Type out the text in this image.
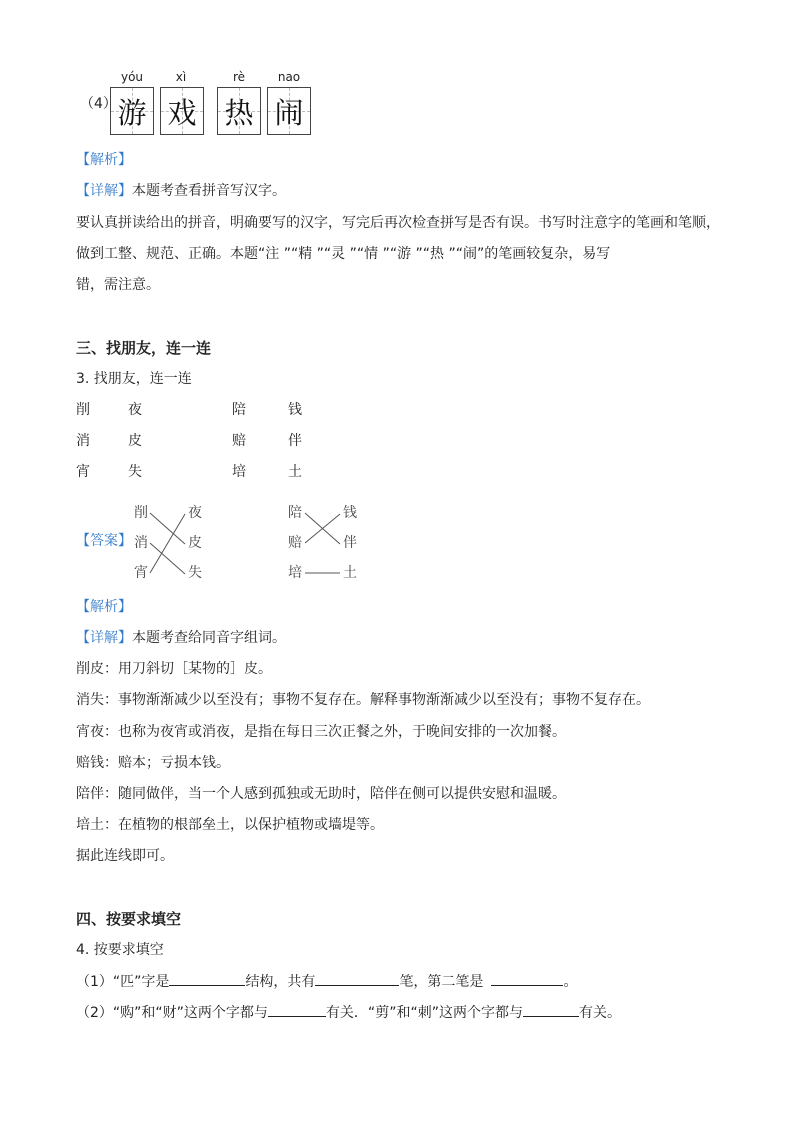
（4）
yóu	xì	rè	nao
游 戏 热 闹
【解析】
【详解】本题考查看拼音写汉字。
要认真拼读给出的拼音，明确要写的汉字，写完后再次检查拼写是否有误。书写时注意字的笔画和笔顺，
做到工整、规范、正确。本题“注 ”“精 ”“灵 ”“情 ”“游 ”“热 ”“闹”的笔画较复杂，易写
错，需注意。
三、找朋友，连一连
3. 找朋友，连一连
削	夜	陪	钱
消	皮	赔	伴
宵	失	培	土
【答案】
削
消
宵
夜
皮
失
陪
赔
培
钱
伴
土
【解析】
【详解】本题考查给同音字组词。
削皮：用刀斜切［某物的］皮。
消失：事物渐渐减少以至没有；事物不复存在。解释事物渐渐减少以至没有；事物不复存在。
宵夜：也称为夜宵或消夜，是指在每日三次正餐之外，于晚间安排的一次加餐。
赔钱：赔本；亏损本钱。
陪伴：随同做伴，当一个人感到孤独或无助时，陪伴在侧可以提供安慰和温暖。
培土：在植物的根部垒土，以保护植物或墙堤等。
据此连线即可。
四、按要求填空
4. 按要求填空
（1）“匹”字是	结构，共有	笔，第二笔是	。
（2）“购”和“财”这两个字都与	有关．“剪”和“刺”这两个字都与	有关。
